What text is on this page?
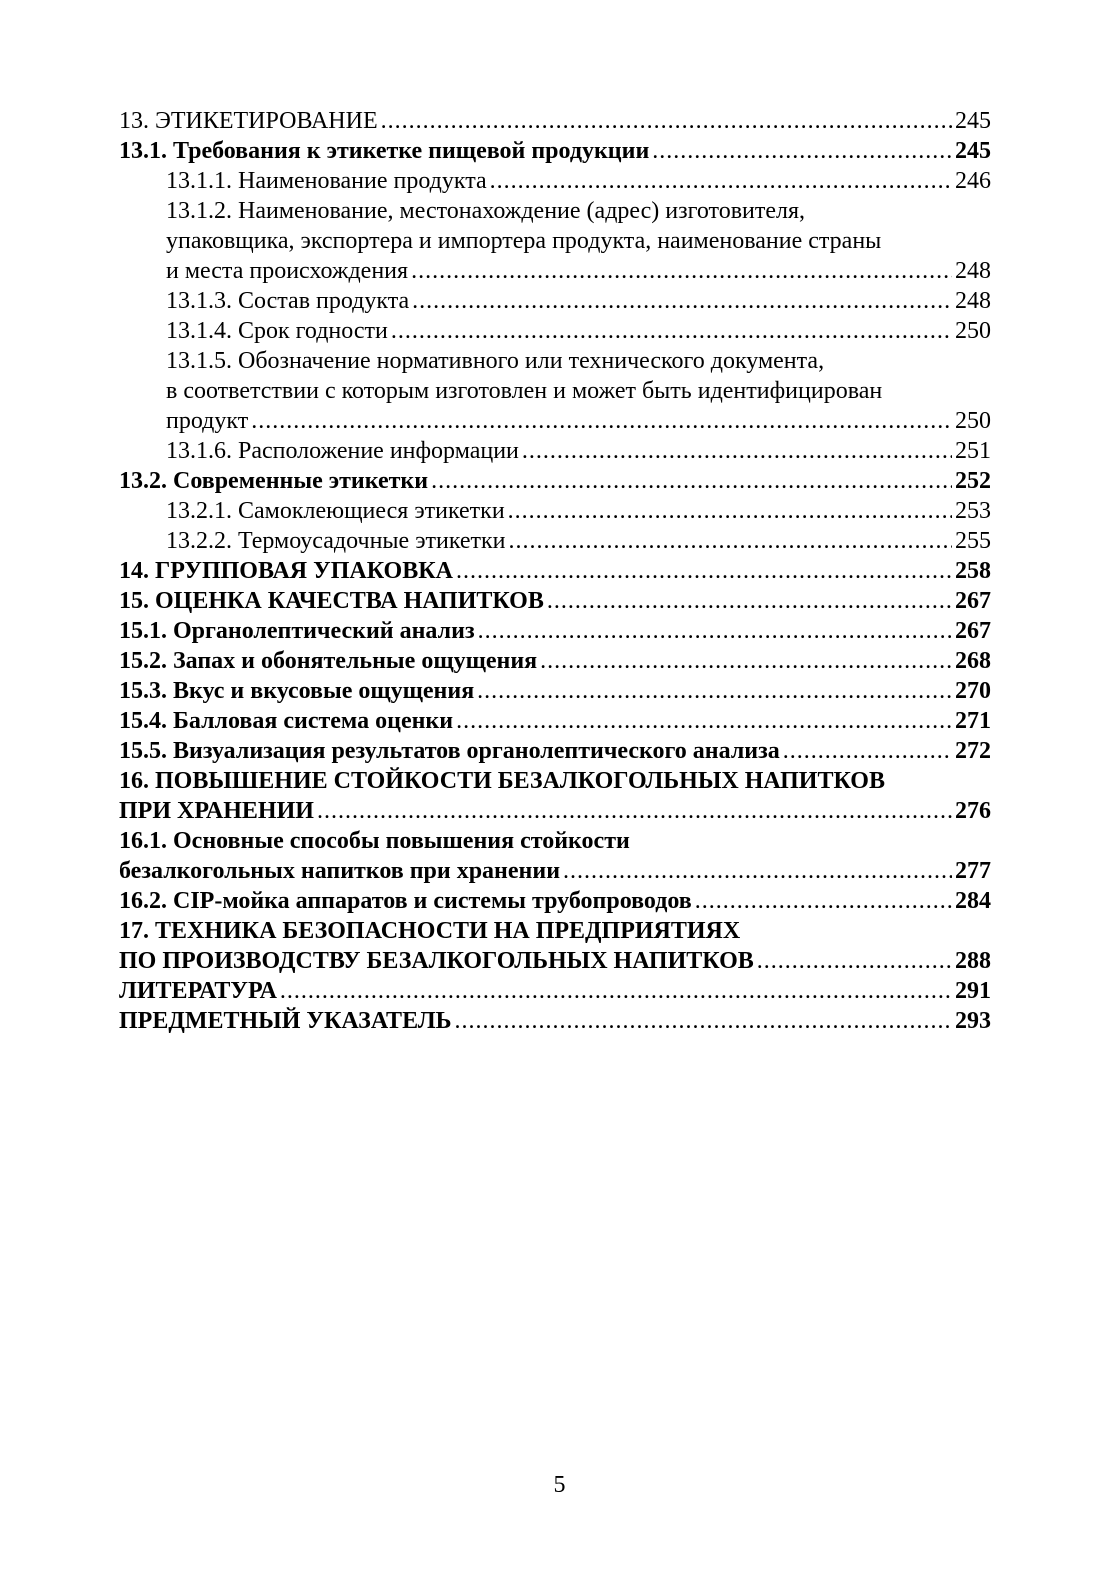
13. ЭТИКЕТИРОВАНИЕ .....	245
13.1. Требования к этикетке пищевой продукции .....	245
13.1.1. Наименование продукта .....	246
13.1.2. Наименование, местонахождение (адрес) изготовителя,
упаковщика, экспортера и импортера продукта, наименование страны
и места происхождения .....	248
13.1.3. Состав продукта .....	248
13.1.4. Срок годности .....	250
13.1.5. Обозначение нормативного или технического документа,
в соответствии с которым изготовлен и может быть идентифицирован
продукт .....	250
13.1.6. Расположение информации .....	251
13.2. Современные этикетки .....	252
13.2.1. Самоклеющиеся этикетки .....	253
13.2.2. Термоусадочные этикетки .....	255
14. ГРУППОВАЯ УПАКОВКА .....	258
15. ОЦЕНКА КАЧЕСТВА НАПИТКОВ .....	267
15.1. Органолептический анализ .....	267
15.2. Запах и обонятельные ощущения .....	268
15.3. Вкус и вкусовые ощущения .....	270
15.4. Балловая система оценки .....	271
15.5. Визуализация результатов органолептического анализа .....	272
16. ПОВЫШЕНИЕ СТОЙКОСТИ БЕЗАЛКОГОЛЬНЫХ НАПИТКОВ
ПРИ ХРАНЕНИИ .....	276
16.1. Основные способы повышения стойкости
безалкогольных напитков при хранении .....	277
16.2. CIP-мойка аппаратов и системы трубопроводов .....	284
17. ТЕХНИКА БЕЗОПАСНОСТИ НА ПРЕДПРИЯТИЯХ
ПО ПРОИЗВОДСТВУ БЕЗАЛКОГОЛЬНЫХ НАПИТКОВ .....	288
ЛИТЕРАТУРА .....	291
ПРЕДМЕТНЫЙ УКАЗАТЕЛЬ .....	293
5
